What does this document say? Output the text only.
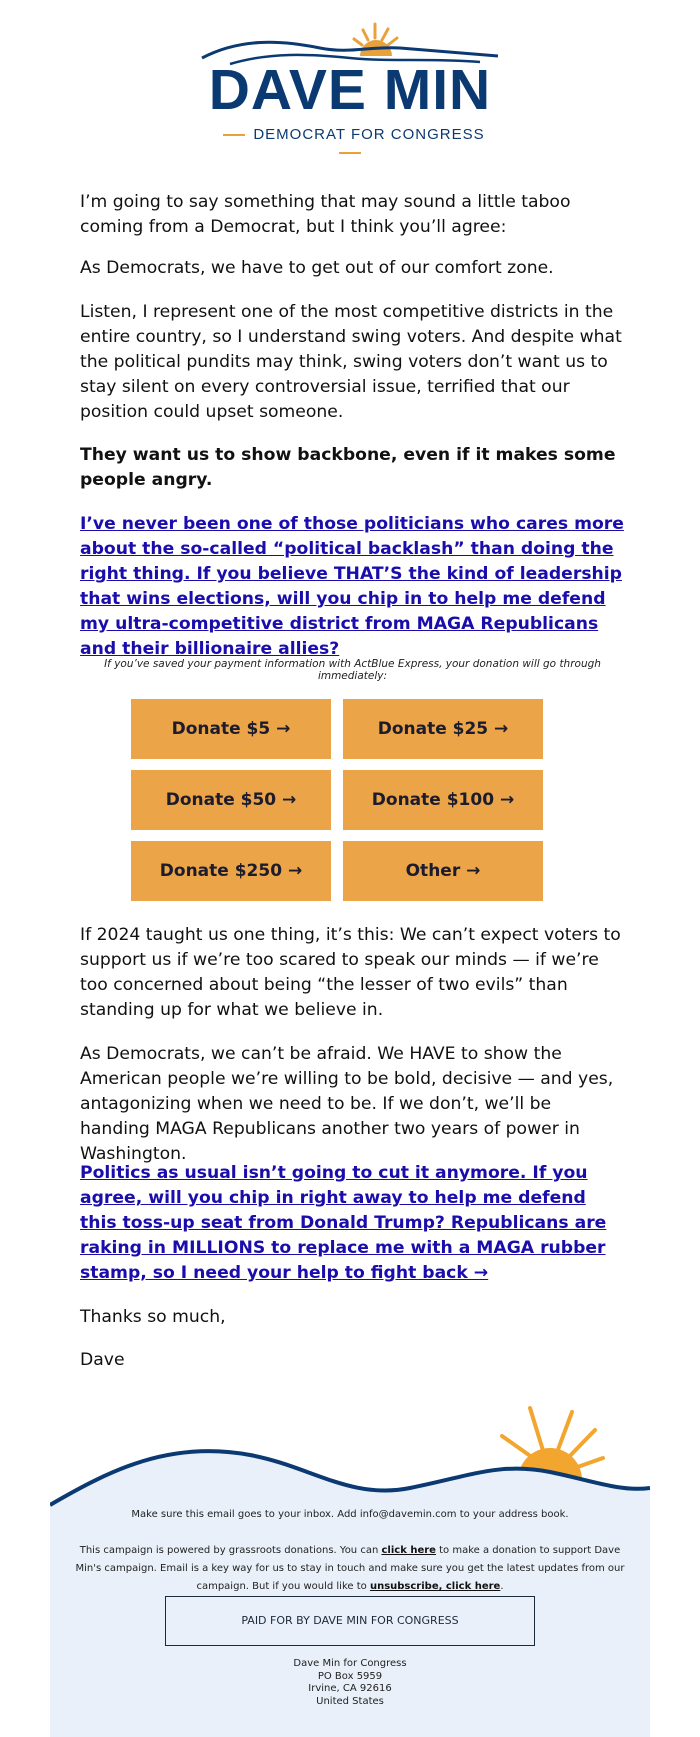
DAVE MIN
DEMOCRAT FOR CONGRESS

I’m going to say something that may sound a little taboo coming from a Democrat, but I think you’ll agree:

As Democrats, we have to get out of our comfort zone.

Listen, I represent one of the most competitive districts in the entire country, so I understand swing voters. And despite what the political pundits may think, swing voters don’t want us to stay silent on every controversial issue, terrified that our position could upset someone.

They want us to show backbone, even if it makes some people angry.

I’ve never been one of those politicians who cares more about the so-called “political backlash” than doing the right thing. If you believe THAT’S the kind of leadership that wins elections, will you chip in to help me defend my ultra-competitive district from MAGA Republicans and their billionaire allies?

If you’ve saved your payment information with ActBlue Express, your donation will go through immediately:
Donate $5 →	Donate $25 →
Donate $50 →	Donate $100 →
Donate $250 →	Other →

If 2024 taught us one thing, it’s this: We can’t expect voters to support us if we’re too scared to speak our minds — if we’re too concerned about being “the lesser of two evils” than standing up for what we believe in.

As Democrats, we can’t be afraid. We HAVE to show the American people we’re willing to be bold, decisive — and yes, antagonizing when we need to be. If we don’t, we’ll be handing MAGA Republicans another two years of power in Washington.

Politics as usual isn’t going to cut it anymore. If you agree, will you chip in right away to help me defend this toss-up seat from Donald Trump? Republicans are raking in MILLIONS to replace me with a MAGA rubber stamp, so I need your help to fight back →

Thanks so much,

Dave

Make sure this email goes to your inbox. Add info@davemin.com to your address book.

This campaign is powered by grassroots donations. You can click here to make a donation to support Dave Min's campaign. Email is a key way for us to stay in touch and make sure you get the latest updates from our campaign. But if you would like to unsubscribe, click here.

PAID FOR BY DAVE MIN FOR CONGRESS
Dave Min for Congress
PO Box 5959
Irvine, CA 92616
United States
